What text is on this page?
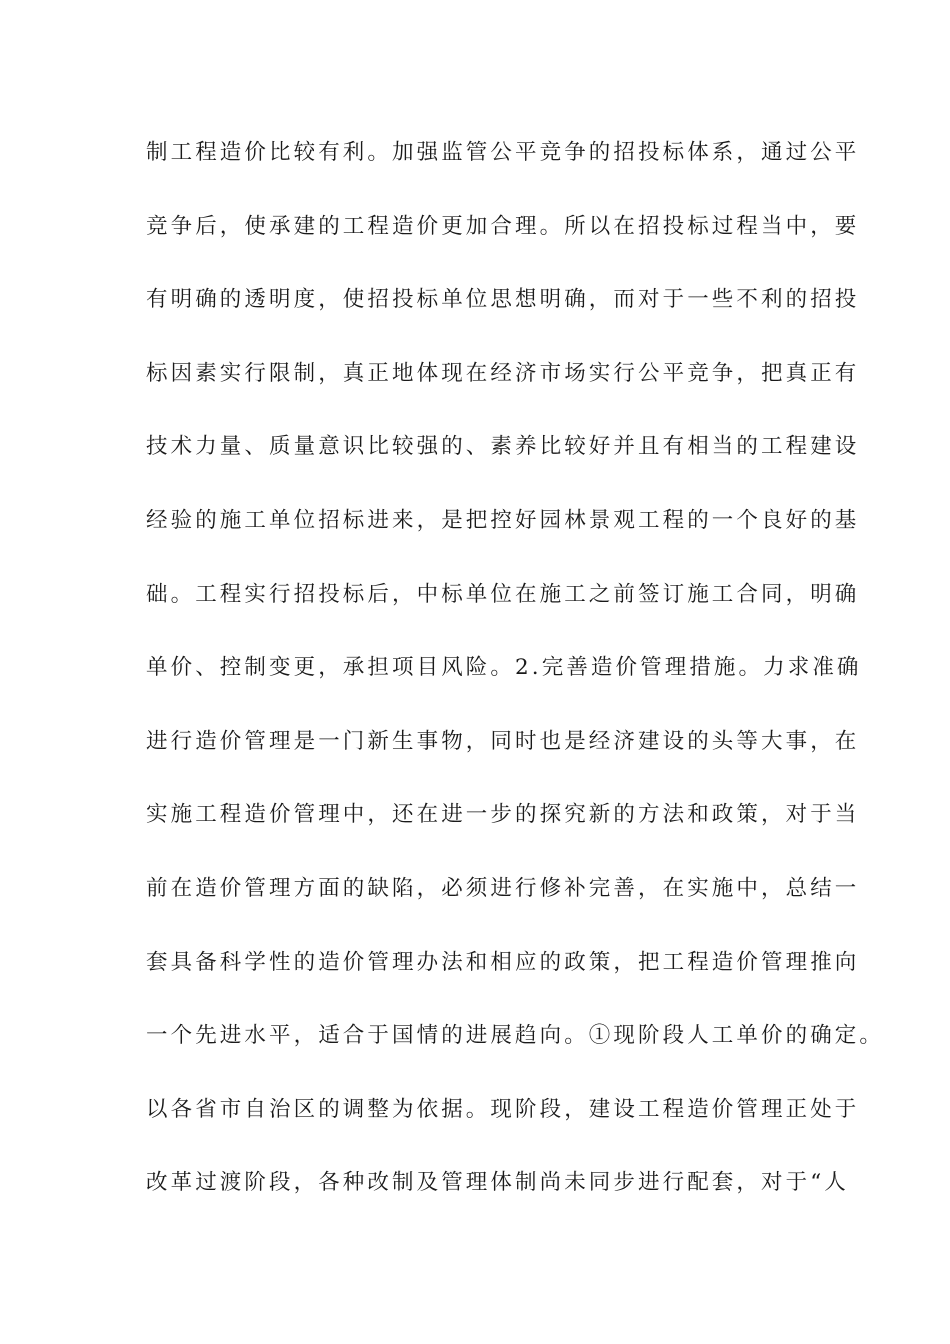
制工程造价比较有利。加强监管公平竞争的招投标体系，通过公平
竞争后，使承建的工程造价更加合理。所以在招投标过程当中，要
有明确的透明度，使招投标单位思想明确，而对于一些不利的招投
标因素实行限制，真正地体现在经济市场实行公平竞争，把真正有
技术力量、质量意识比较强的、素养比较好并且有相当的工程建设
经验的施工单位招标进来，是把控好园林景观工程的一个良好的基
础。工程实行招投标后，中标单位在施工之前签订施工合同，明确
单价、控制变更，承担项目风险。2.完善造价管理措施。力求准确
进行造价管理是一门新生事物，同时也是经济建设的头等大事，在
实施工程造价管理中，还在进一步的探究新的方法和政策，对于当
前在造价管理方面的缺陷，必须进行修补完善，在实施中，总结一
套具备科学性的造价管理办法和相应的政策，把工程造价管理推向
一个先进水平，适合于国情的进展趋向。①现阶段人工单价的确定。
以各省市自治区的调整为依据。现阶段，建设工程造价管理正处于
改革过渡阶段，各种改制及管理体制尚未同步进行配套，对于“人
